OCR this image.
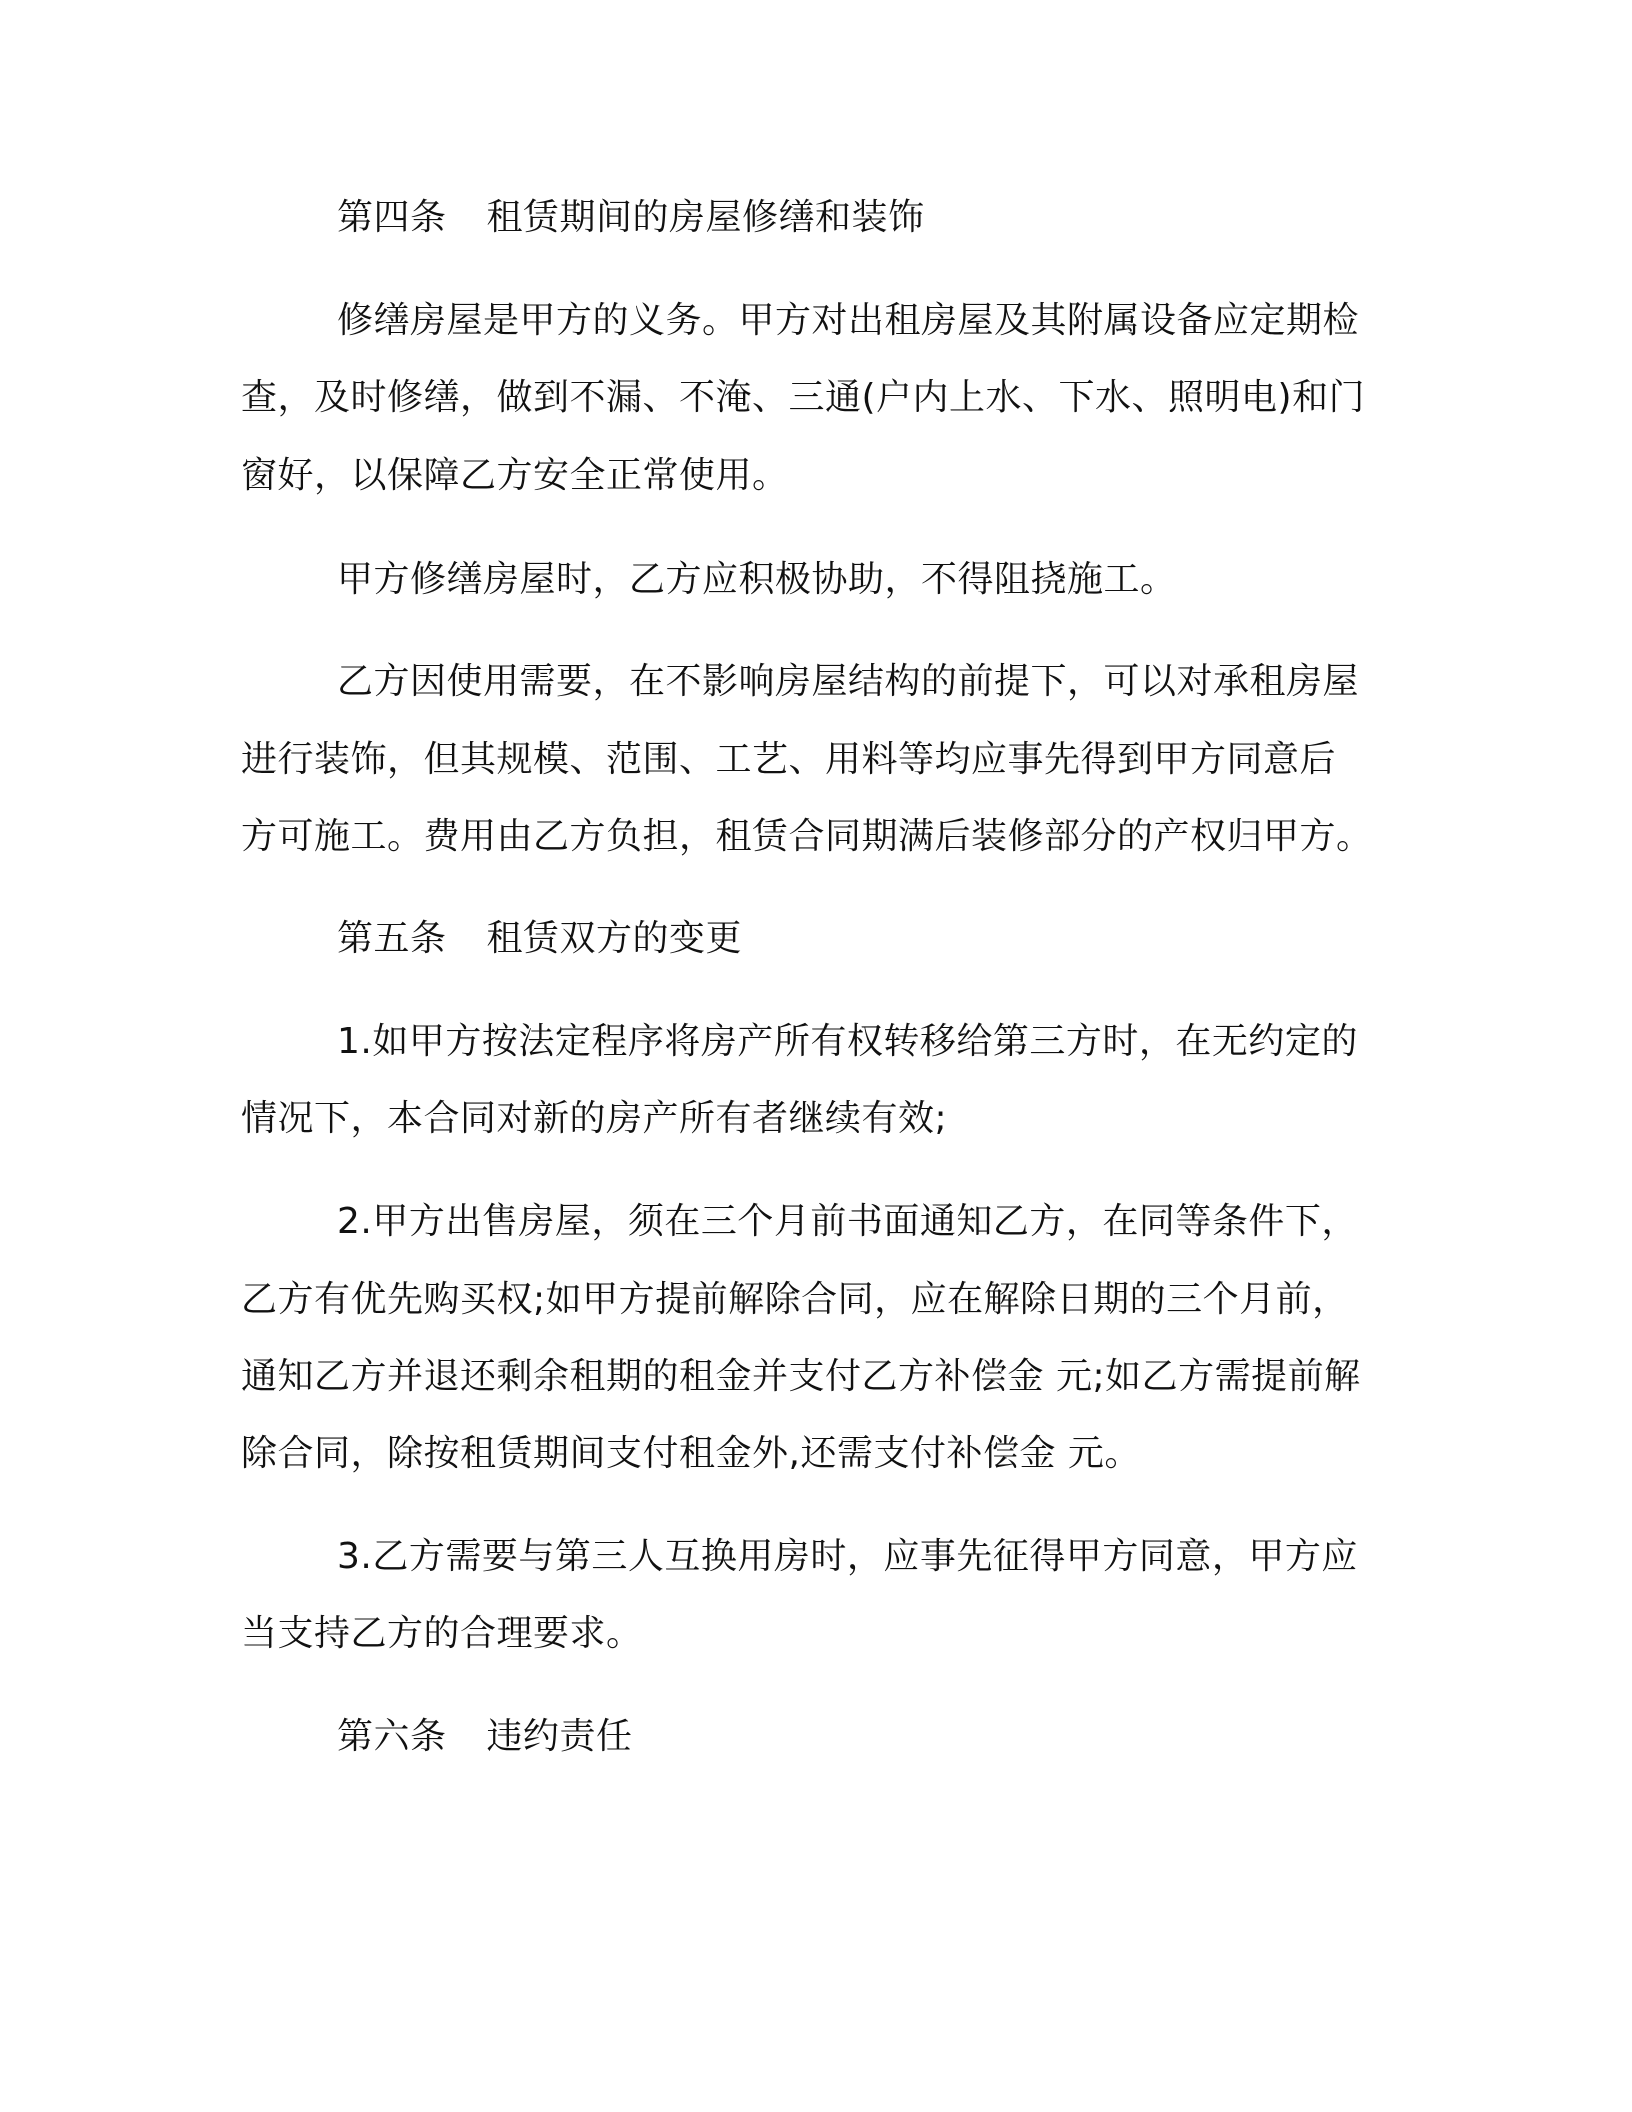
第四条 租赁期间的房屋修缮和装饰
修缮房屋是甲方的义务。甲方对出租房屋及其附属设备应定期检
查，及时修缮，做到不漏、不淹、三通(户内上水、下水、照明电)和门
窗好，以保障乙方安全正常使用。
甲方修缮房屋时，乙方应积极协助，不得阻挠施工。
乙方因使用需要，在不影响房屋结构的前提下，可以对承租房屋
进行装饰，但其规模、范围、工艺、用料等均应事先得到甲方同意后
方可施工。费用由乙方负担，租赁合同期满后装修部分的产权归甲方。
第五条 租赁双方的变更
1.如甲方按法定程序将房产所有权转移给第三方时，在无约定的
情况下，本合同对新的房产所有者继续有效;
2.甲方出售房屋，须在三个月前书面通知乙方，在同等条件下，
乙方有优先购买权;如甲方提前解除合同，应在解除日期的三个月前，
通知乙方并退还剩余租期的租金并支付乙方补偿金 元;如乙方需提前解
除合同，除按租赁期间支付租金外,还需支付补偿金 元。
3.乙方需要与第三人互换用房时，应事先征得甲方同意，甲方应
当支持乙方的合理要求。
第六条 违约责任
